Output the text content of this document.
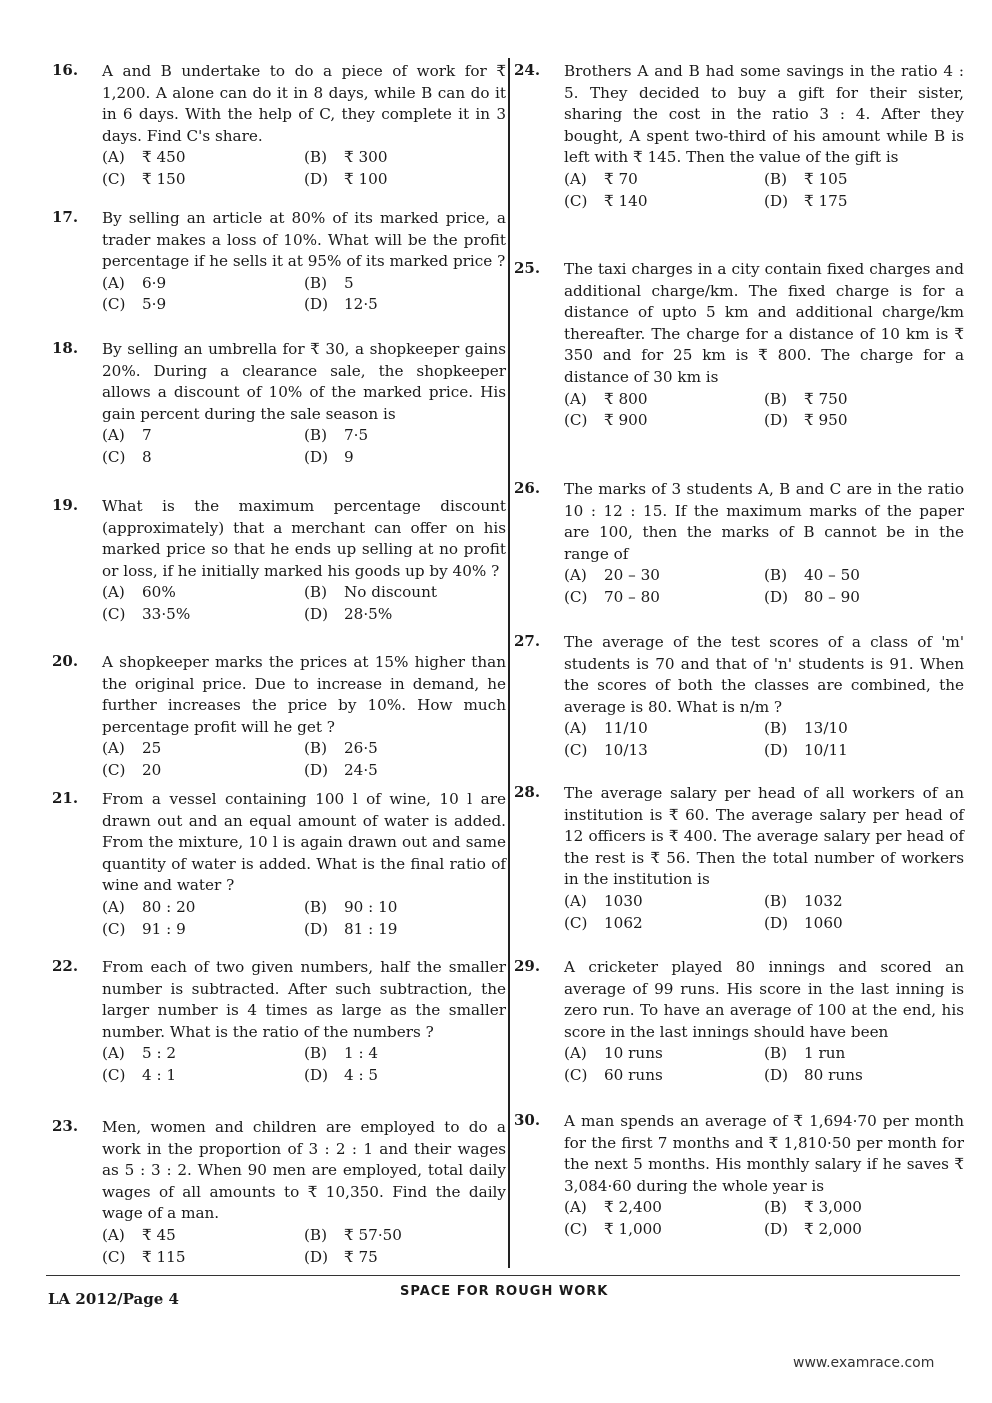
16. A and B undertake to do a piece of work for ₹ 1,200. A alone can do it in 8 days, while B can do it in 6 days. With the help of C, they complete it in 3 days. Find C's share.
(A)	₹ 450	(B)	₹ 300
(C)	₹ 150	(D)	₹ 100
17. By selling an article at 80% of its marked price, a trader makes a loss of 10%. What will be the profit percentage if he sells it at 95% of its marked price ?
(A)	6·9	(B)	5
(C)	5·9	(D)	12·5
18. By selling an umbrella for ₹ 30, a shopkeeper gains 20%. During a clearance sale, the shopkeeper allows a discount of 10% of the marked price. His gain percent during the sale season is
(A)	7	(B)	7·5
(C)	8	(D)	9
19. What is the maximum percentage discount (approximately) that a merchant can offer on his marked price so that he ends up selling at no profit or loss, if he initially marked his goods up by 40% ?
(A)	60%	(B)	No discount
(C)	33·5%	(D)	28·5%
20. A shopkeeper marks the prices at 15% higher than the original price. Due to increase in demand, he further increases the price by 10%. How much percentage profit will he get ?
(A)	25	(B)	26·5
(C)	20	(D)	24·5
21. From a vessel containing 100 l of wine, 10 l are drawn out and an equal amount of water is added. From the mixture, 10 l is again drawn out and same quantity of water is added. What is the final ratio of wine and water ?
(A)	80 : 20	(B)	90 : 10
(C)	91 : 9	(D)	81 : 19
22. From each of two given numbers, half the smaller number is subtracted. After such subtraction, the larger number is 4 times as large as the smaller number. What is the ratio of the numbers ?
(A)	5 : 2	(B)	1 : 4
(C)	4 : 1	(D)	4 : 5
23. Men, women and children are employed to do a work in the proportion of 3 : 2 : 1 and their wages as 5 : 3 : 2. When 90 men are employed, total daily wages of all amounts to ₹ 10,350. Find the daily wage of a man.
(A)	₹ 45	(B)	₹ 57·50
(C)	₹ 115	(D)	₹ 75
24. Brothers A and B had some savings in the ratio 4 : 5. They decided to buy a gift for their sister, sharing the cost in the ratio 3 : 4. After they bought, A spent two-third of his amount while B is left with ₹ 145. Then the value of the gift is
(A)	₹ 70	(B)	₹ 105
(C)	₹ 140	(D)	₹ 175
25. The taxi charges in a city contain fixed charges and additional charge/km. The fixed charge is for a distance of upto 5 km and additional charge/km thereafter. The charge for a distance of 10 km is ₹ 350 and for 25 km is ₹ 800. The charge for a distance of 30 km is
(A)	₹ 800	(B)	₹ 750
(C)	₹ 900	(D)	₹ 950
26. The marks of 3 students A, B and C are in the ratio 10 : 12 : 15. If the maximum marks of the paper are 100, then the marks of B cannot be in the range of
(A)	20 – 30	(B)	40 – 50
(C)	70 – 80	(D)	80 – 90
27. The average of the test scores of a class of 'm' students is 70 and that of 'n' students is 91. When the scores of both the classes are combined, the average is 80. What is n/m ?
(A)	11/10	(B)	13/10
(C)	10/13	(D)	10/11
28. The average salary per head of all workers of an institution is ₹ 60. The average salary per head of 12 officers is ₹ 400. The average salary per head of the rest is ₹ 56. Then the total number of workers in the institution is
(A)	1030	(B)	1032
(C)	1062	(D)	1060
29. A cricketer played 80 innings and scored an average of 99 runs. His score in the last inning is zero run. To have an average of 100 at the end, his score in the last innings should have been
(A)	10 runs	(B)	1 run
(C)	60 runs	(D)	80 runs
30. A man spends an average of ₹ 1,694·70 per month for the first 7 months and ₹ 1,810·50 per month for the next 5 months. His monthly salary if he saves ₹ 3,084·60 during the whole year is
(A)	₹ 2,400	(B)	₹ 3,000
(C)	₹ 1,000	(D)	₹ 2,000
LA 2012/Page 4	SPACE FOR ROUGH WORK
www.examrace.com
